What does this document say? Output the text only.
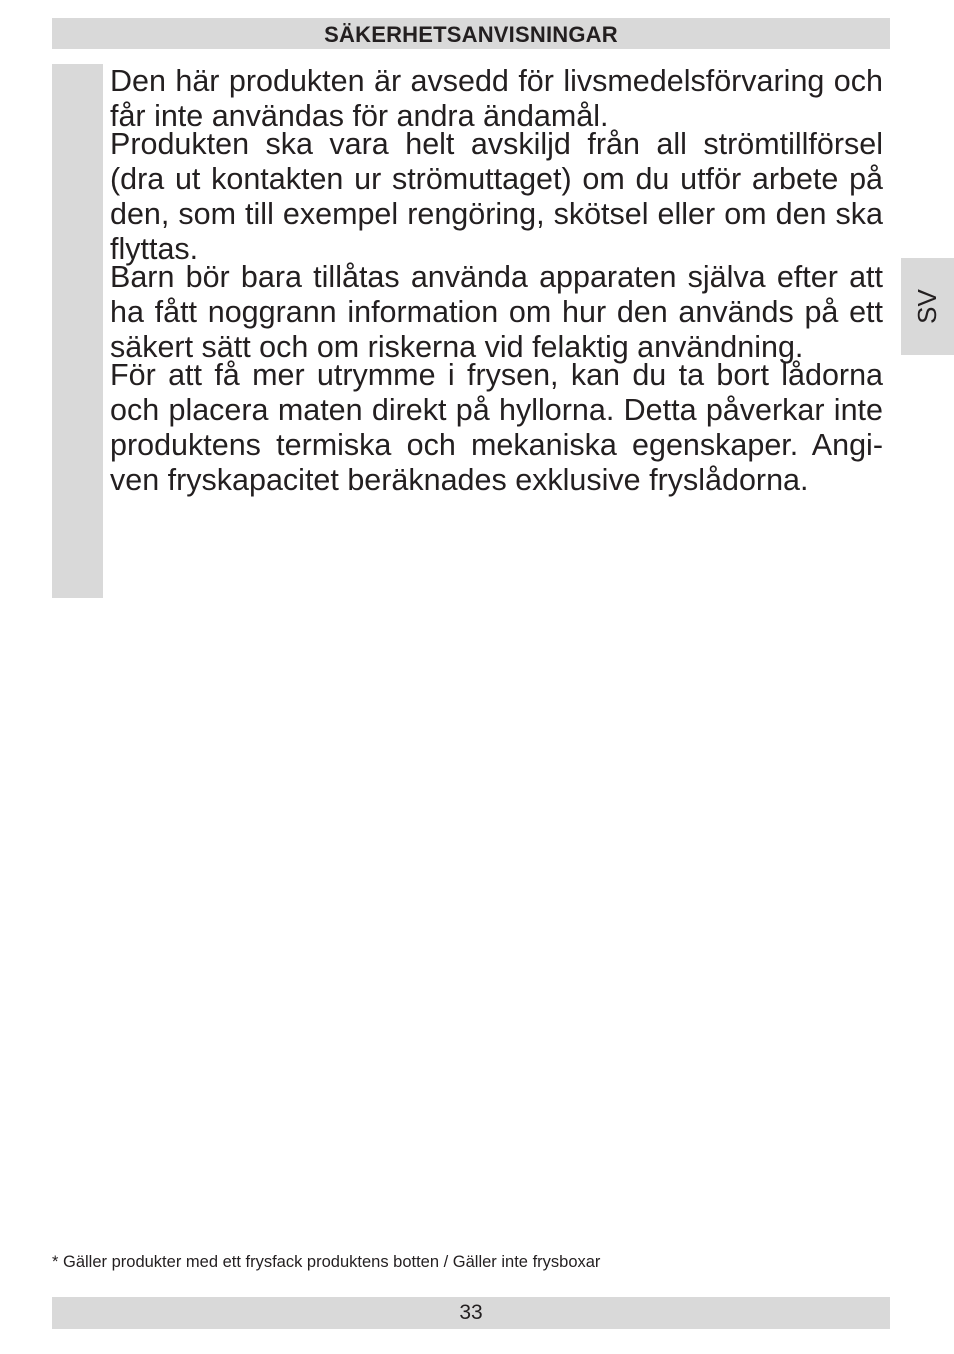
SÄKERHETSANVISNINGAR

Den här produkten är avsedd för livsmedelsförvaring och får inte användas för andra ändamål.

Produkten ska vara helt avskiljd från all strömtillförsel (dra ut kontakten ur strömuttaget) om du utför arbete på den, som till exempel rengöring, skötsel eller om den ska flyttas.

Barn bör bara tillåtas använda apparaten själva efter att ha fått noggrann information om hur den används på ett säkert sätt och om riskerna vid felaktig användning.

För att få mer utrymme i frysen, kan du ta bort lådorna och placera maten direkt på hyllorna. Detta påverkar inte produktens termiska och mekaniska egenskaper. Angi-ven fryskapacitet beräknades exklusive fryslådorna.

SV
* Gäller produkter med ett frysfack produktens botten / Gäller inte frysboxar
33
